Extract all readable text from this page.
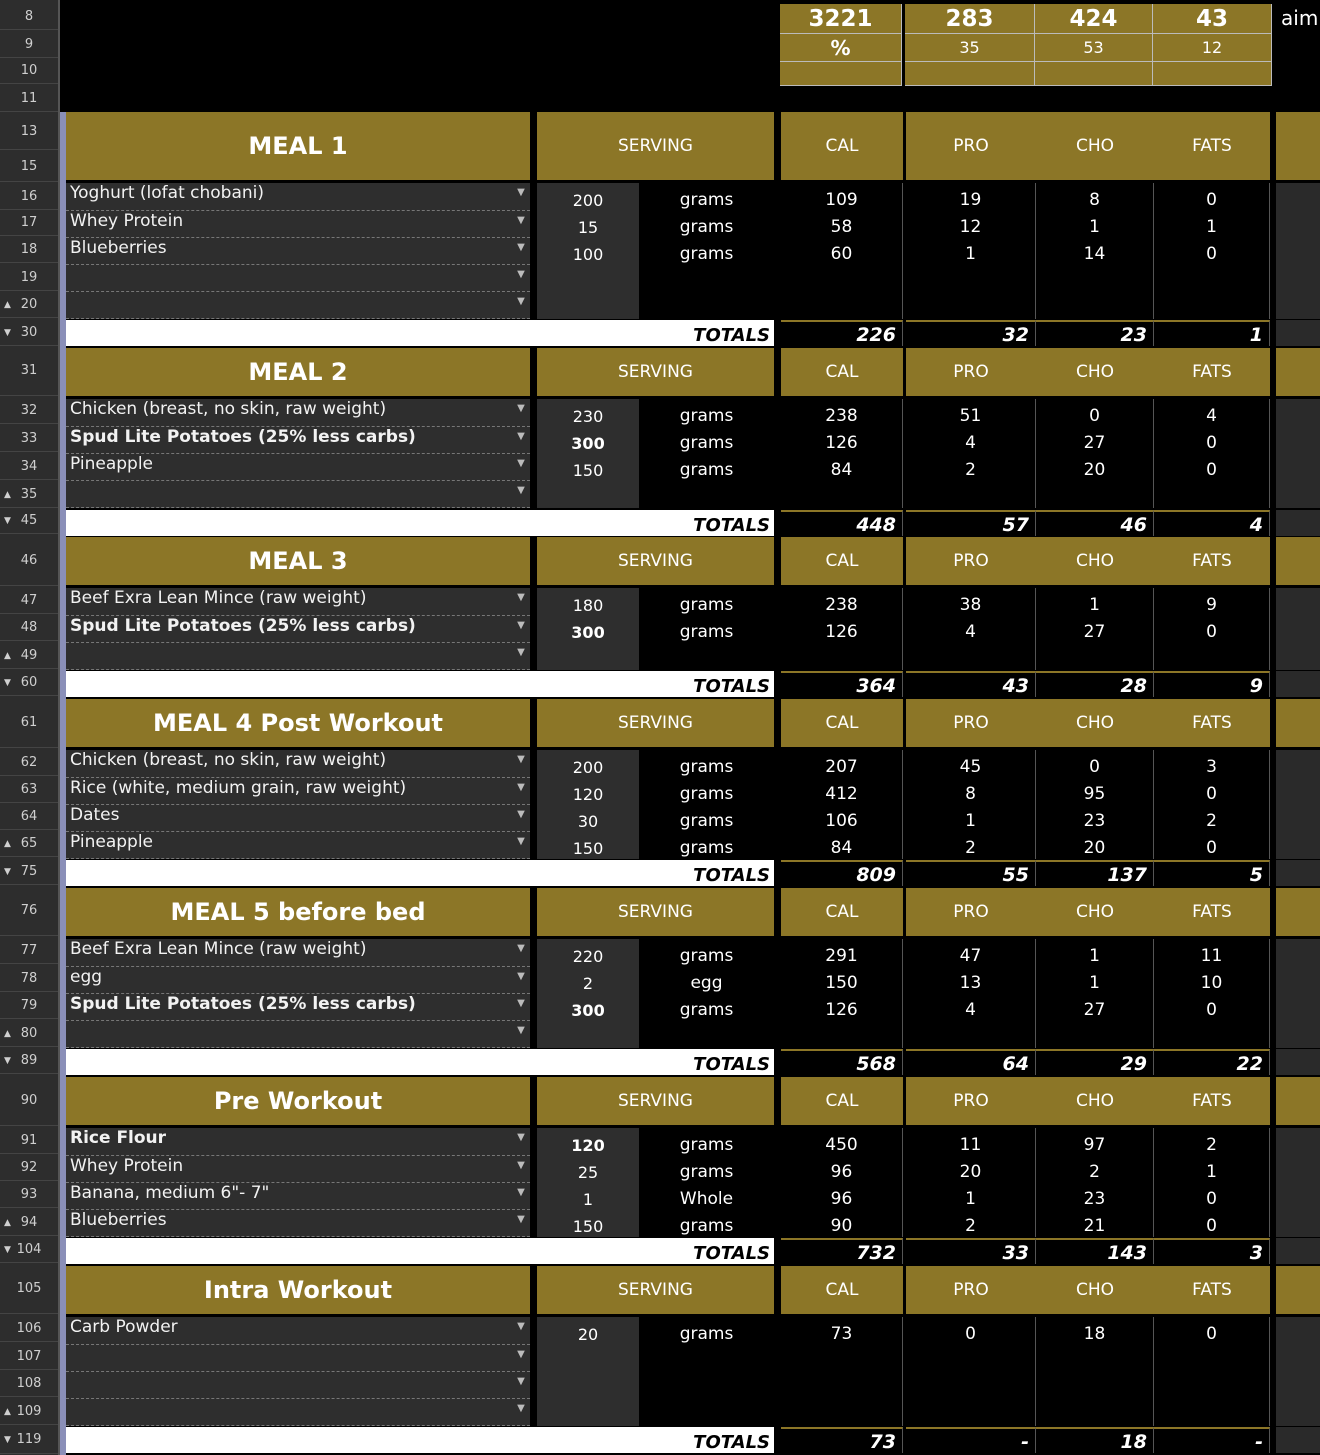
8
9
10
11
13
15
16
17
18
19
▲ 20
▼ 30
31
32
33
34
▲ 35
▼ 45
46
47
48
▲ 49
▼ 60
61
62
63
64
▲ 65
▼ 75
76
77
78
79
▲ 80
▼ 89
90
91
92
93
▲ 94
▼ 104
105
106
107
108
▲ 109
▼ 119
3221
%
283	424	43
35	53	12
aim
MEAL 1	SERVING	CAL	PRO	CHO	FATS
Yoghurt (lofat chobani)	▼	200	grams	109	19	8	0
Whey Protein	▼	15	grams	58	12	1	1
Blueberries	▼	100	grams	60	1	14	0
▼
▼
TOTALS	226	32	23	1
MEAL 2	SERVING	CAL	PRO	CHO	FATS
Chicken (breast, no skin, raw weight)	▼	230	grams	238	51	0	4
Spud Lite Potatoes (25% less carbs)	▼	300	grams	126	4	27	0
Pineapple	▼	150	grams	84	2	20	0
▼
TOTALS	448	57	46	4
MEAL 3	SERVING	CAL	PRO	CHO	FATS
Beef Exra Lean Mince (raw weight)	▼	180	grams	238	38	1	9
Spud Lite Potatoes (25% less carbs)	▼	300	grams	126	4	27	0
▼
TOTALS	364	43	28	9
MEAL 4 Post Workout	SERVING	CAL	PRO	CHO	FATS
Chicken (breast, no skin, raw weight)	▼	200	grams	207	45	0	3
Rice (white, medium grain, raw weight)	▼	120	grams	412	8	95	0
Dates	▼	30	grams	106	1	23	2
Pineapple	▼	150	grams	84	2	20	0
TOTALS	809	55	137	5
MEAL 5 before bed	SERVING	CAL	PRO	CHO	FATS
Beef Exra Lean Mince (raw weight)	▼	220	grams	291	47	1	11
egg	▼	2	egg	150	13	1	10
Spud Lite Potatoes (25% less carbs)	▼	300	grams	126	4	27	0
▼
TOTALS	568	64	29	22
Pre Workout	SERVING	CAL	PRO	CHO	FATS
Rice Flour	▼	120	grams	450	11	97	2
Whey Protein	▼	25	grams	96	20	2	1
Banana, medium 6"- 7"	▼	1	Whole	96	1	23	0
Blueberries	▼	150	grams	90	2	21	0
TOTALS	732	33	143	3
Intra Workout	SERVING	CAL	PRO	CHO	FATS
Carb Powder	▼	20	grams	73	0	18	0
▼
▼
▼
TOTALS	73	-	18	-
